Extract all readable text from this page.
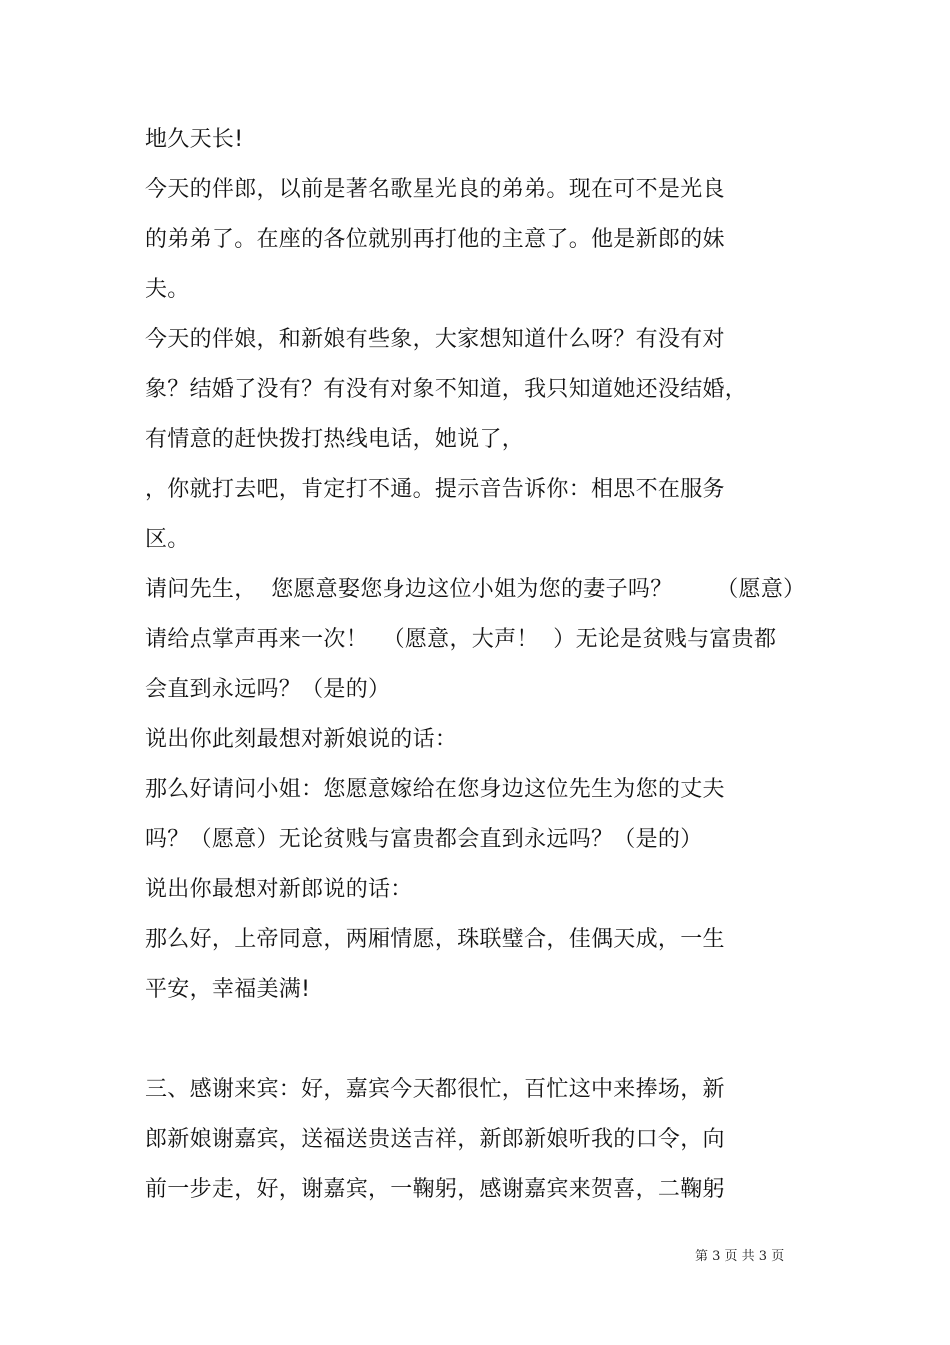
地久天长!
今天的伴郎，以前是著名歌星光良的弟弟。现在可不是光良
的弟弟了。在座的各位就别再打他的主意了。他是新郎的妹
夫。
今天的伴娘，和新娘有些象，大家想知道什么呀？有没有对
象？结婚了没有？有没有对象不知道，我只知道她还没结婚，
有情意的赶快拨打热线电话，她说了，
，你就打去吧，肯定打不通。提示音告诉你：相思不在服务
区。
请问先生，  您愿意娶您身边这位小姐为您的妻子吗？      （愿意）
请给点掌声再来一次！  （愿意，大声！  ）无论是贫贱与富贵都
会直到永远吗？（是的）
说出你此刻最想对新娘说的话：
那么好请问小姐：您愿意嫁给在您身边这位先生为您的丈夫
吗？（愿意）无论贫贱与富贵都会直到永远吗？（是的）
说出你最想对新郎说的话：
那么好，上帝同意，两厢情愿，珠联璧合，佳偶天成，一生
平安，幸福美满!
三、感谢来宾：好，嘉宾今天都很忙，百忙这中来捧场，新
郎新娘谢嘉宾，送福送贵送吉祥，新郎新娘听我的口令，向
前一步走，好，谢嘉宾，一鞠躬，感谢嘉宾来贺喜，二鞠躬
第 3 页 共 3 页
